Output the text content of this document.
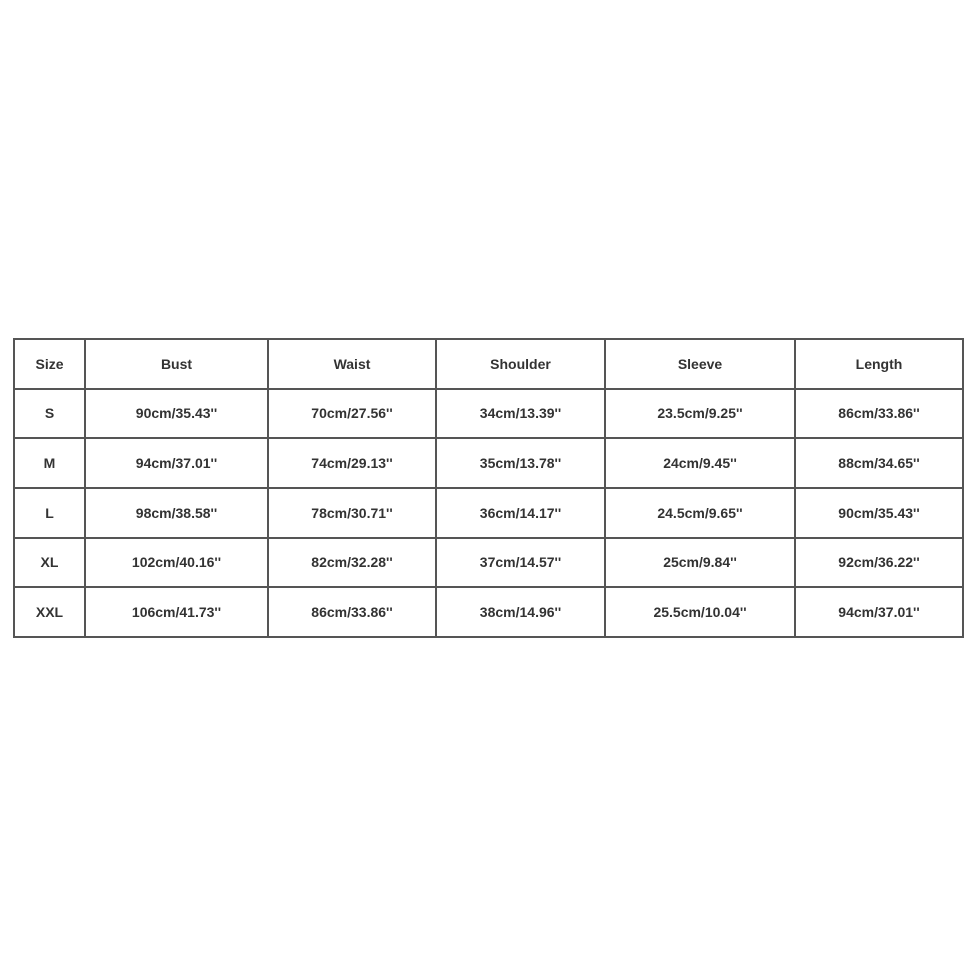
Size	Bust	Waist	Shoulder	Sleeve	Length
S	90cm/35.43''	70cm/27.56''	34cm/13.39''	23.5cm/9.25''	86cm/33.86''
M	94cm/37.01''	74cm/29.13''	35cm/13.78''	24cm/9.45''	88cm/34.65''
L	98cm/38.58''	78cm/30.71''	36cm/14.17''	24.5cm/9.65''	90cm/35.43''
XL	102cm/40.16''	82cm/32.28''	37cm/14.57''	25cm/9.84''	92cm/36.22''
XXL	106cm/41.73''	86cm/33.86''	38cm/14.96''	25.5cm/10.04''	94cm/37.01''
